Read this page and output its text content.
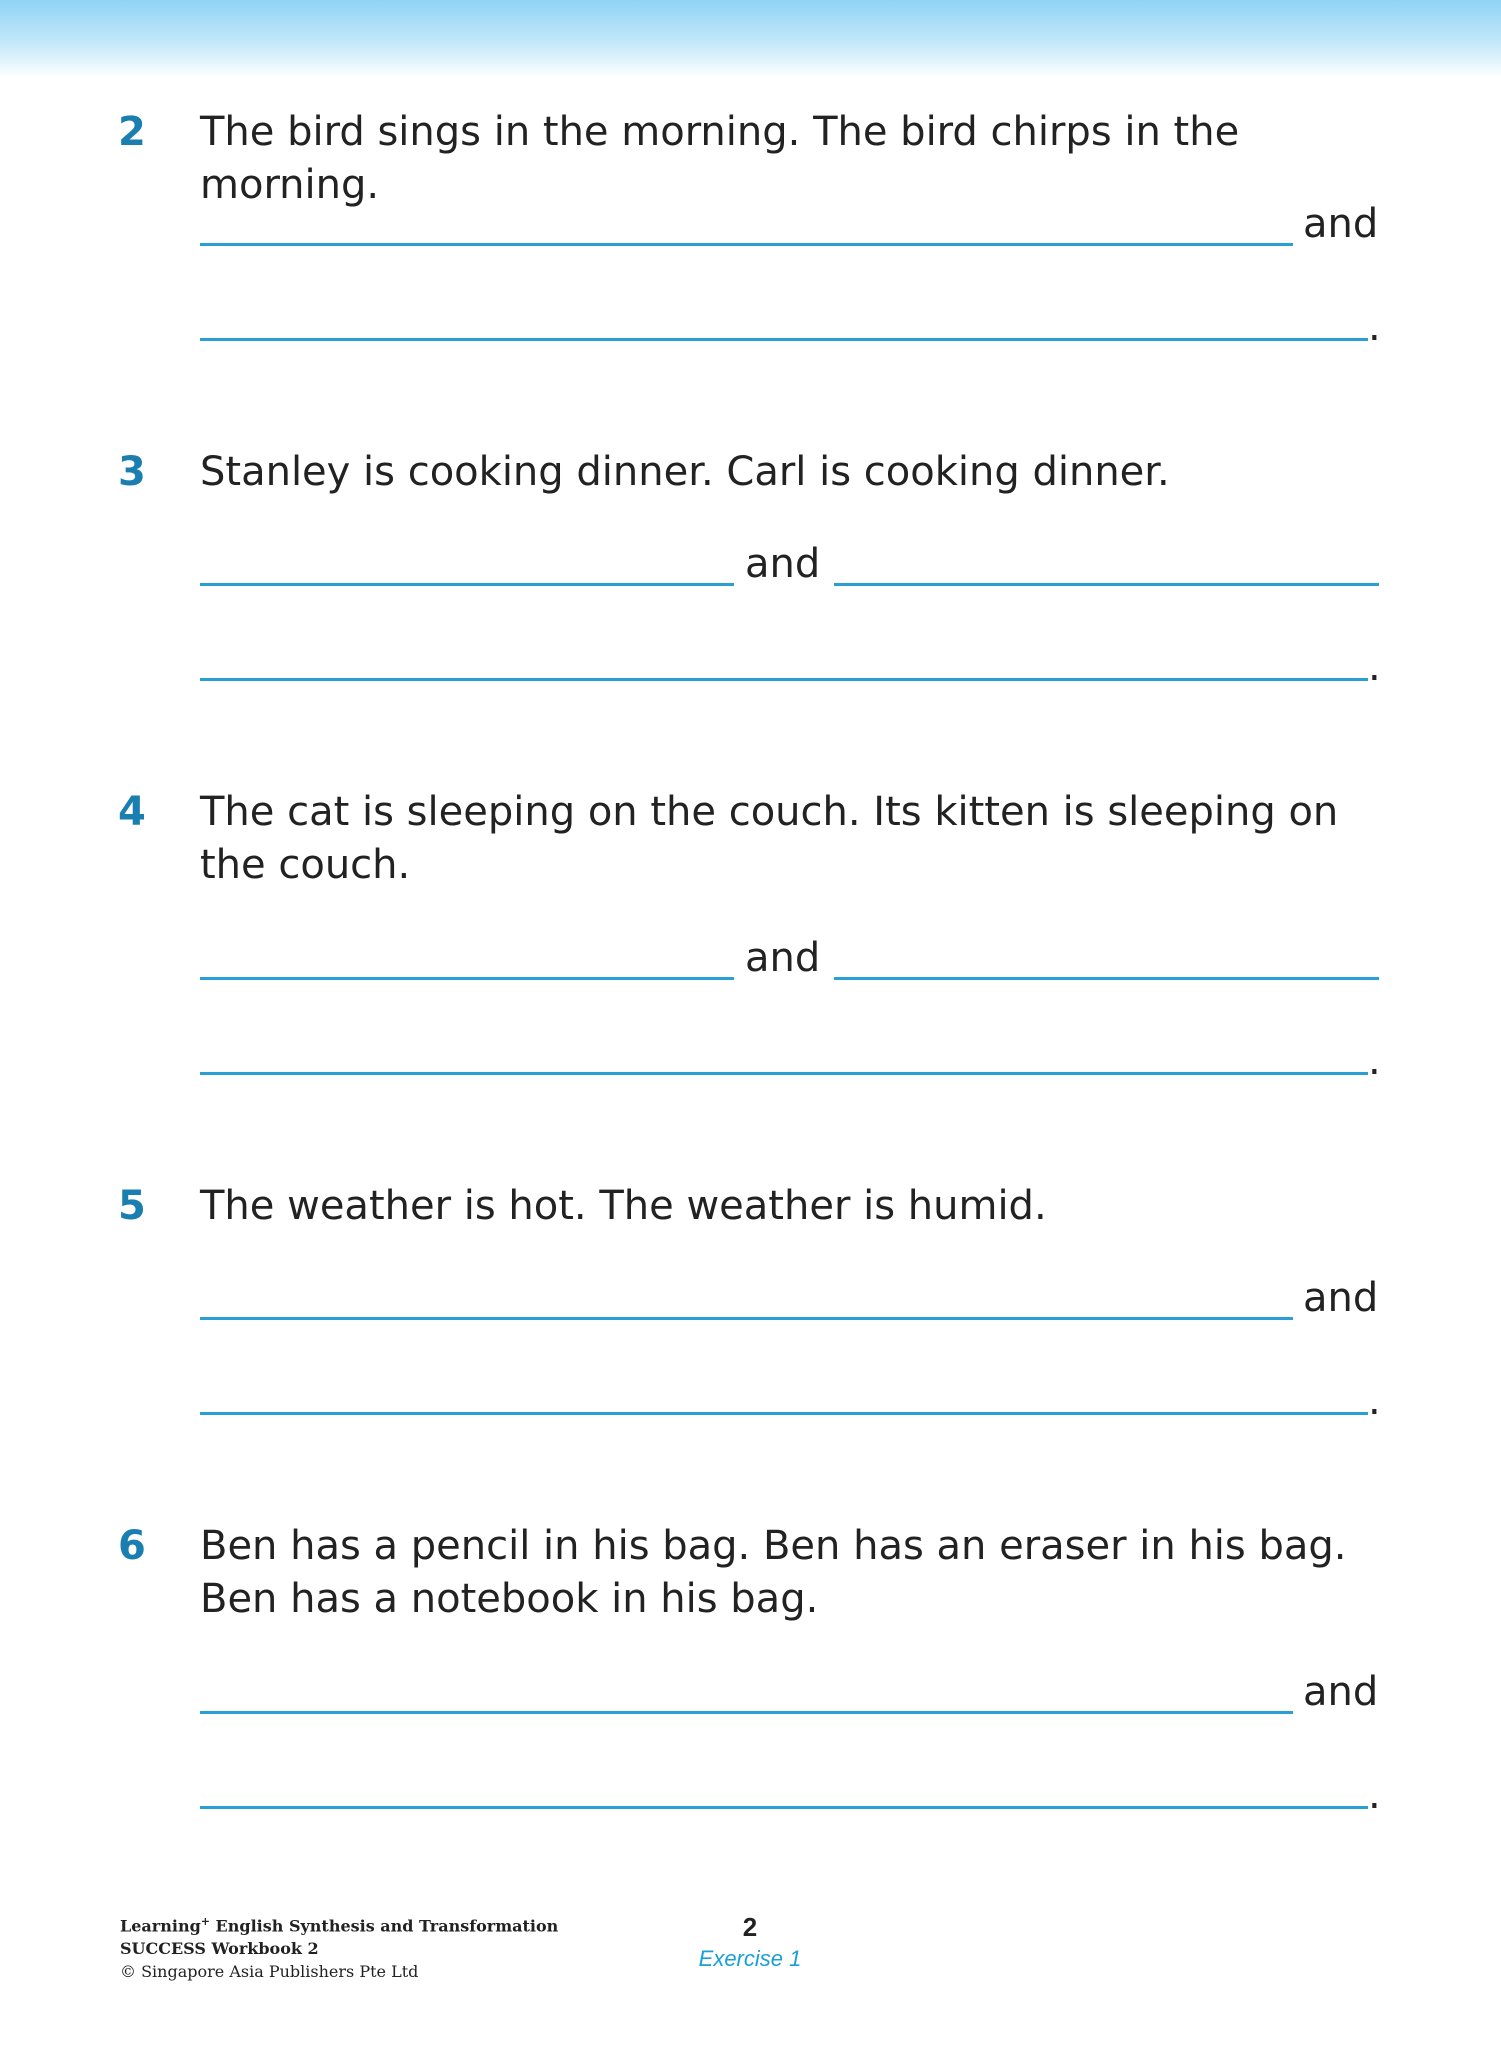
2 The bird sings in the morning. The bird chirps in the morning.
and
.
3 Stanley is cooking dinner. Carl is cooking dinner.
and
.
4 The cat is sleeping on the couch. Its kitten is sleeping on the couch.
and
.
5 The weather is hot. The weather is humid.
and
.
6 Ben has a pencil in his bag. Ben has an eraser in his bag. Ben has a notebook in his bag.
and
.
Learning+ English Synthesis and Transformation
SUCCESS Workbook 2
© Singapore Asia Publishers Pte Ltd
2
Exercise 1
